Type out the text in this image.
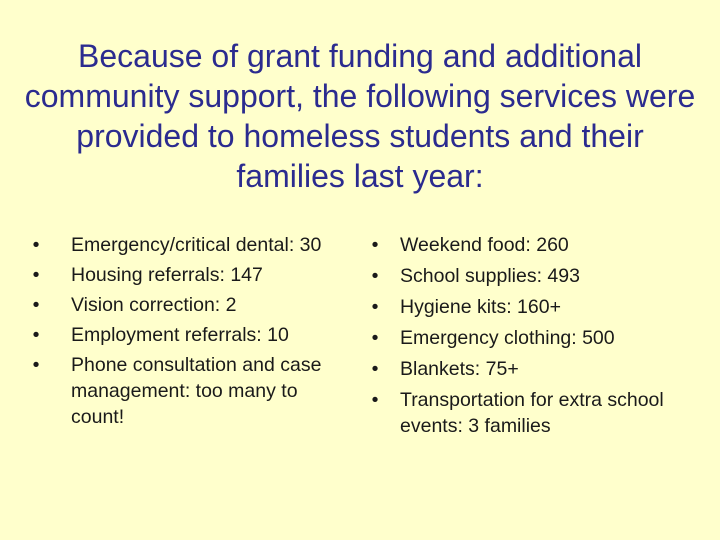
Because of grant funding and additional community support, the following services were provided to homeless students and their families last year:
• Emergency/critical dental: 30
• Housing referrals: 147
• Vision correction: 2
• Employment referrals: 10
• Phone consultation and case management: too many to count!
• Weekend food: 260
• School supplies: 493
• Hygiene kits: 160+
• Emergency clothing: 500
• Blankets: 75+
• Transportation for extra school events: 3 families
